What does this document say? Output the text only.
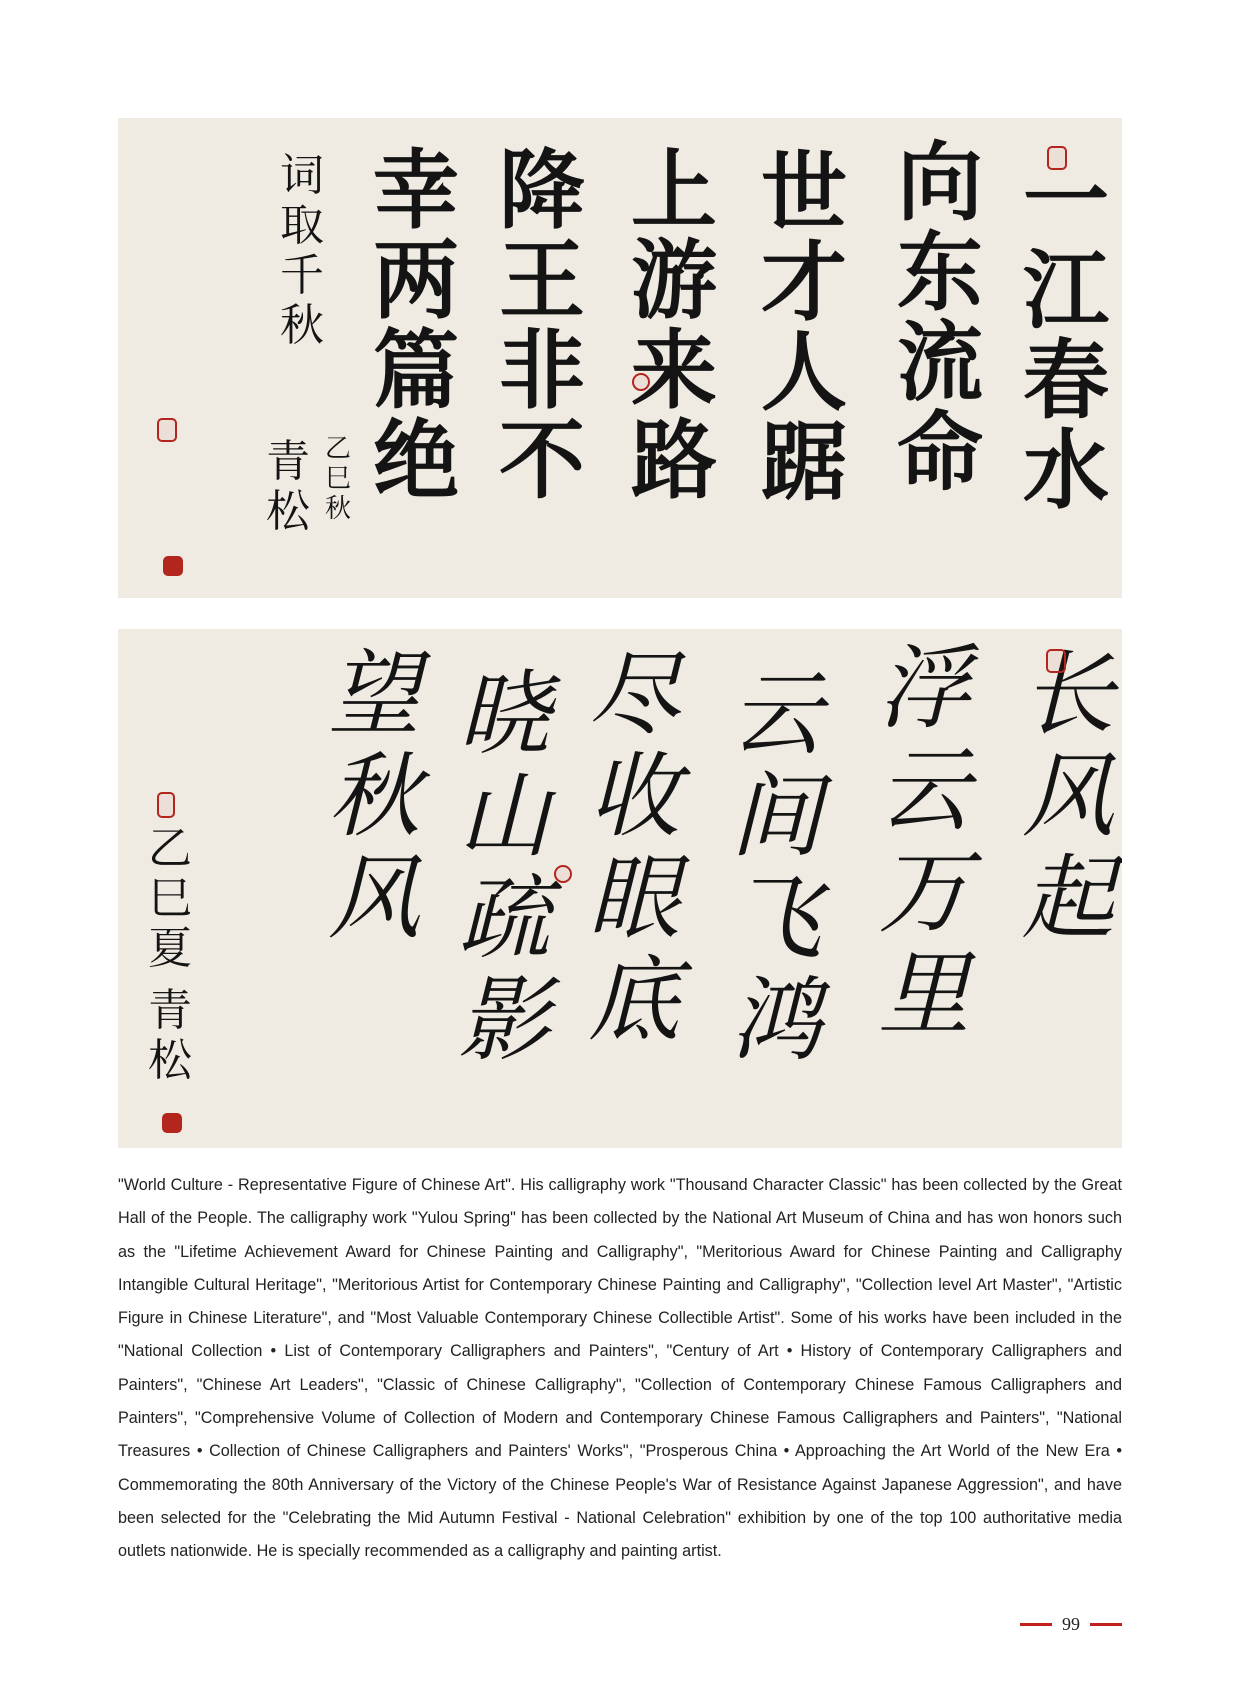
一
江
春
水
向
东
流
命
世
才
人
踞
上
游
来
路
降
王
非
不
幸
两
篇
绝
词
取
千
秋
乙
巳
秋
青
松
长
风
起
浮
云
万
里
云
间
飞
鸿
尽
收
眼
底
晓
山
疏
影
望
秋
风
乙
巳
夏
青
松

"World Culture - Representative Figure of Chinese Art". His calligraphy work "Thousand Character Classic" has been collected by the Great Hall of the People. The calligraphy work "Yulou Spring" has been collected by the National Art Museum of China and has won honors such as the "Lifetime Achievement Award for Chinese Painting and Calligraphy", "Meritorious Award for Chinese Painting and Calligraphy Intangible Cultural Heritage", "Meritorious Artist for Contemporary Chinese Painting and Calligraphy", "Collection level Art Master", "Artistic Figure in Chinese Literature", and "Most Valuable Contemporary Chinese Collectible Artist". Some of his works have been included in the "National Collection • List of Contemporary Calligraphers and Painters", "Century of Art • History of Contemporary Calligraphers and Painters", "Chinese Art Leaders", "Classic of Chinese Calligraphy", "Collection of Contemporary Chinese Famous Calligraphers and Painters", "Comprehensive Volume of Collection of Modern and Contemporary Chinese Famous Calligraphers and Painters", "National Treasures • Collection of Chinese Calligraphers and Painters' Works", "Prosperous China • Approaching the Art World of the New Era • Commemorating the 80th Anniversary of the Victory of the Chinese People's War of Resistance Against Japanese Aggression", and have been selected for the "Celebrating the Mid Autumn Festival - National Celebration" exhibition by one of the top 100 authoritative media outlets nationwide. He is specially recommended as a calligraphy and painting artist.

99
